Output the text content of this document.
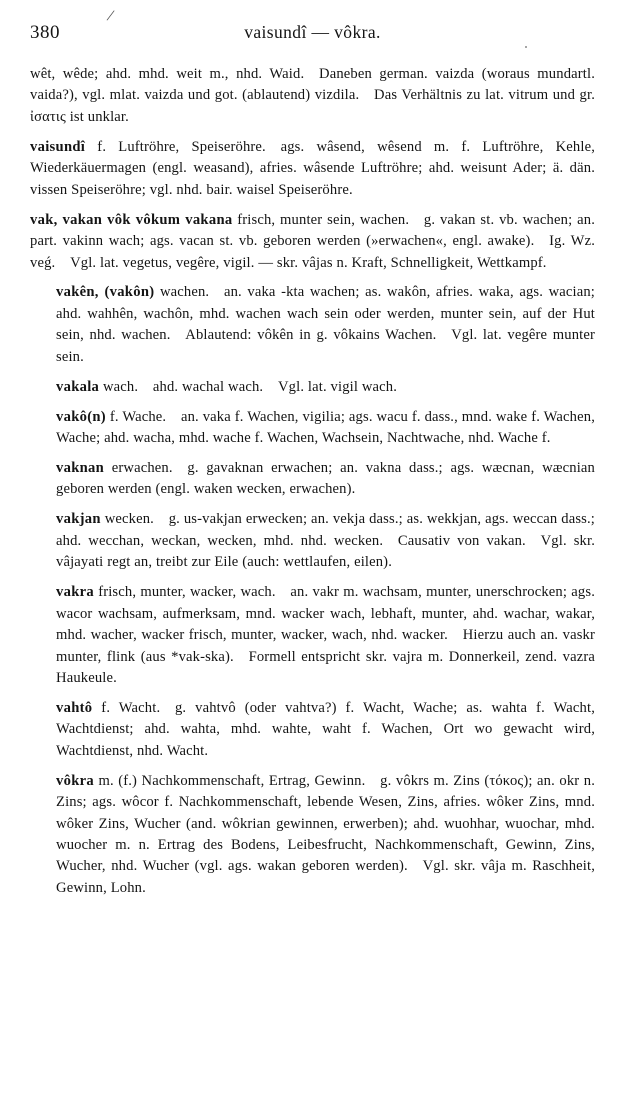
/
380	vaisundî — vôkra.
wêt, wêde; ahd. mhd. weit m., nhd. Waid. Daneben german. vaizda (woraus mundartl. vaida?), vgl. mlat. vaizda und got. (ablautend) vizdila. Das Verhältnis zu lat. vitrum und gr. ἰσατις ist unklar.
vaisundî f. Luftröhre, Speiseröhre. ags. wâsend, wêsend m. f. Luftröhre, Kehle, Wiederkäuermagen (engl. weasand), afries. wâsende Luftröhre; ahd. weisunt Ader; ä. dän. vissen Speiseröhre; vgl. nhd. bair. waisel Speiseröhre.
vak, vakan vôk vôkum vakana frisch, munter sein, wachen. g. vakan st. vb. wachen; an. part. vakinn wach; ags. vacan st. vb. geboren werden (»erwachen«, engl. awake). Ig. Wz. veǵ. Vgl. lat. vegetus, vegêre, vigil. — skr. vâjas n. Kraft, Schnelligkeit, Wettkampf.
vakên, (vakôn) wachen. an. vaka -kta wachen; as. wakôn, afries. waka, ags. wacian; ahd. wahhên, wachôn, mhd. wachen wach sein oder werden, munter sein, auf der Hut sein, nhd. wachen. Ablautend: vôkên in g. vôkains Wachen. Vgl. lat. vegêre munter sein.
vakala wach. ahd. wachal wach. Vgl. lat. vigil wach.
vakô(n) f. Wache. an. vaka f. Wachen, vigilia; ags. wacu f. dass., mnd. wake f. Wachen, Wache; ahd. wacha, mhd. wache f. Wachen, Wachsein, Nachtwache, nhd. Wache f.
vaknan erwachen. g. gavaknan erwachen; an. vakna dass.; ags. wæcnan, wæcnian geboren werden (engl. waken wecken, erwachen).
vakjan wecken. g. us-vakjan erwecken; an. vekja dass.; as. wekkjan, ags. weccan dass.; ahd. wecchan, weckan, wecken, mhd. nhd. wecken. Causativ von vakan. Vgl. skr. vâjayati regt an, treibt zur Eile (auch: wettlaufen, eilen).
vakra frisch, munter, wacker, wach. an. vakr m. wachsam, munter, unerschrocken; ags. wacor wachsam, aufmerksam, mnd. wacker wach, lebhaft, munter, ahd. wachar, wakar, mhd. wacher, wacker frisch, munter, wacker, wach, nhd. wacker. Hierzu auch an. vaskr munter, flink (aus *vak-ska). Formell entspricht skr. vajra m. Donnerkeil, zend. vazra Haukeule.
vahtô f. Wacht. g. vahtvô (oder vahtva?) f. Wacht, Wache; as. wahta f. Wacht, Wachtdienst; ahd. wahta, mhd. wahte, waht f. Wachen, Ort wo gewacht wird, Wachtdienst, nhd. Wacht.
vôkra m. (f.) Nachkommenschaft, Ertrag, Gewinn. g. vôkrs m. Zins (τόκος); an. okr n. Zins; ags. wôcor f. Nachkommenschaft, lebende Wesen, Zins, afries. wôker Zins, mnd. wôker Zins, Wucher (and. wôkrian gewinnen, erwerben); ahd. wuohhar, wuochar, mhd. wuocher m. n. Ertrag des Bodens, Leibesfrucht, Nachkommenschaft, Gewinn, Zins, Wucher, nhd. Wucher (vgl. ags. wakan geboren werden). Vgl. skr. vâja m. Raschheit, Gewinn, Lohn.
